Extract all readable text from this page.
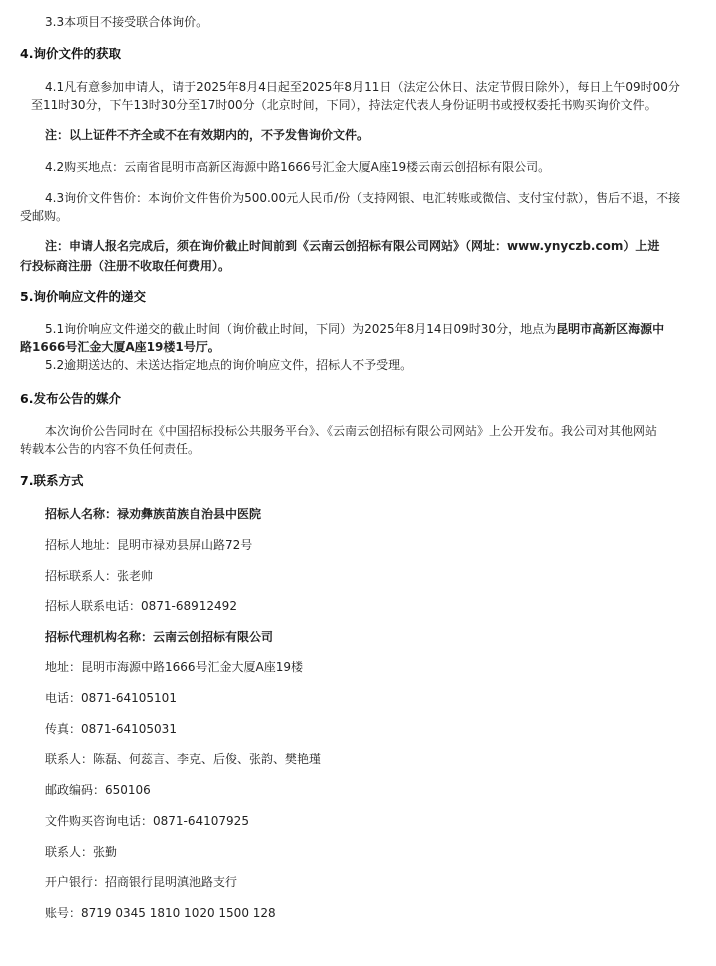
3.3本项目不接受联合体询价。
4.询价文件的获取
4.1凡有意参加申请人，请于2025年8月4日起至2025年8月11日（法定公休日、法定节假日除外），每日上午09时00分
至11时30分，下午13时30分至17时00分（北京时间，下同），持法定代表人身份证明书或授权委托书购买询价文件。
注：以上证件不齐全或不在有效期内的，不予发售询价文件。
4.2购买地点：云南省昆明市高新区海源中路1666号汇金大厦A座19楼云南云创招标有限公司。
4.3询价文件售价：本询价文件售价为500.00元人民币/份（支持网银、电汇转账或微信、支付宝付款），售后不退，不接
受邮购。
注：申请人报名完成后，须在询价截止时间前到《云南云创招标有限公司网站》（网址：www.ynyczb.com）上进
行投标商注册（注册不收取任何费用）。
5.询价响应文件的递交
5.1询价响应文件递交的截止时间（询价截止时间，下同）为2025年8月14日09时30分，地点为昆明市高新区海源中
路1666号汇金大厦A座19楼1号厅。
5.2逾期送达的、未送达指定地点的询价响应文件，招标人不予受理。
6.发布公告的媒介
本次询价公告同时在《中国招标投标公共服务平台》、《云南云创招标有限公司网站》上公开发布。我公司对其他网站
转载本公告的内容不负任何责任。
7.联系方式
招标人名称：禄劝彝族苗族自治县中医院
招标人地址：昆明市禄劝县屏山路72号
招标联系人：张老帅
招标人联系电话：0871-68912492
招标代理机构名称：云南云创招标有限公司
地址：昆明市海源中路1666号汇金大厦A座19楼
电话：0871-64105101
传真：0871-64105031
联系人：陈磊、何蕊言、李克、后俊、张韵、樊艳瑾
邮政编码：650106
文件购买咨询电话：0871-64107925
联系人：张勤
开户银行：招商银行昆明滇池路支行
账号：8719 0345 1810 1020 1500 128
